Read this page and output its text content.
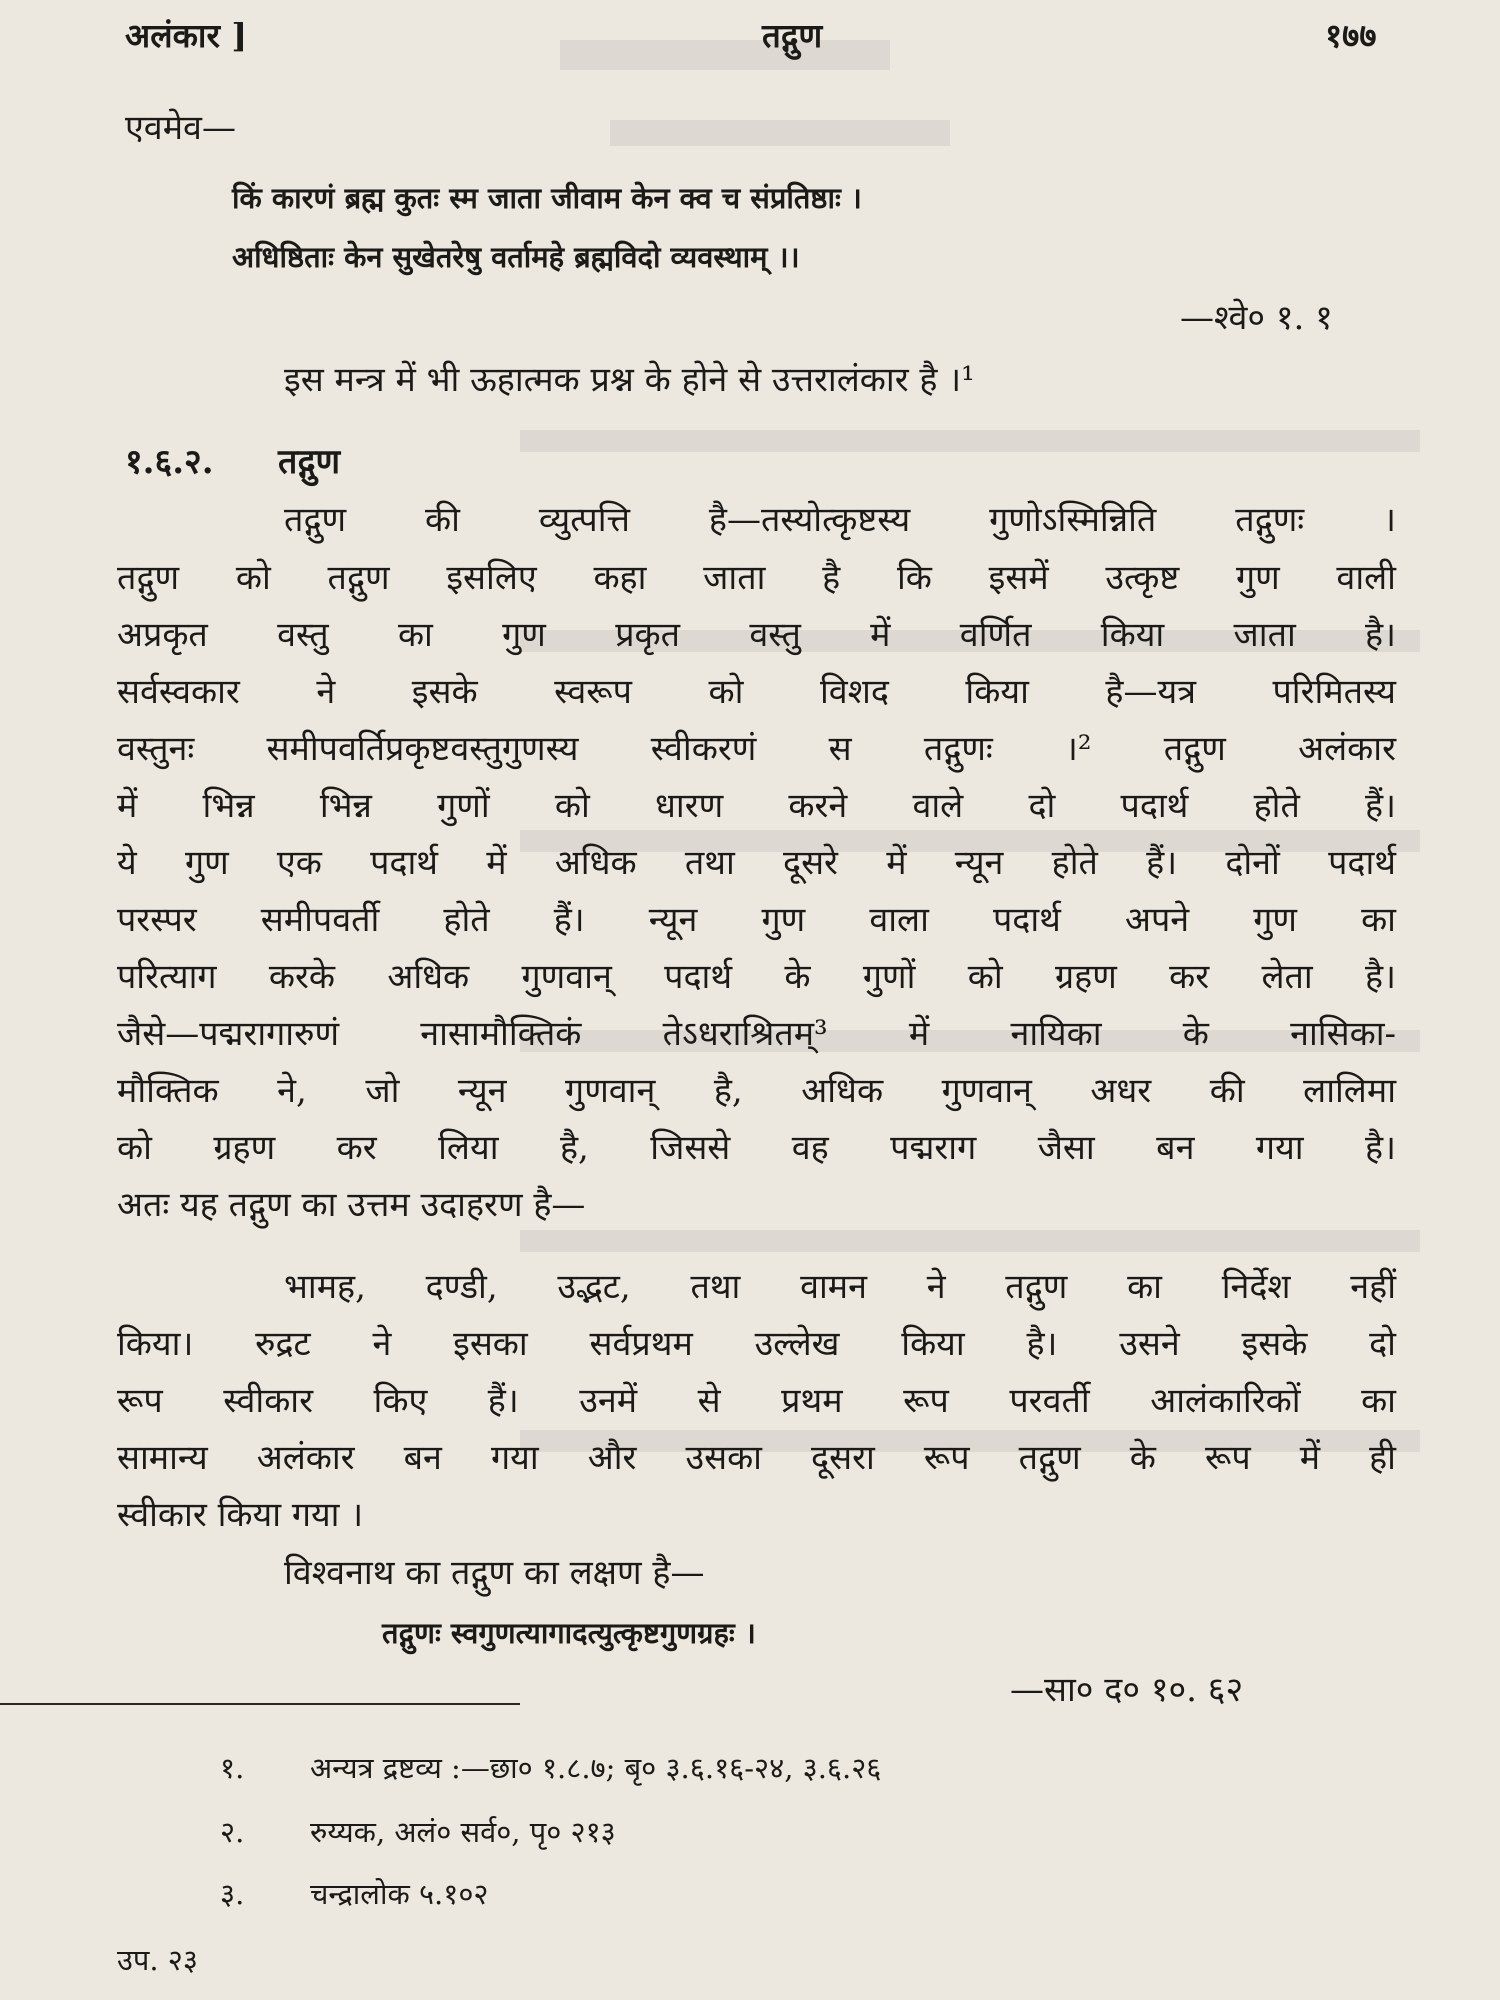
अलंकार ]	तद्गुण	१७७
एवमेव—
किं कारणं ब्रह्म कुतः स्म जाता जीवाम केन क्व च संप्रतिष्ठाः ।
अधिष्ठिताः केन सुखेतरेषु वर्तामहे ब्रह्मविदो व्यवस्थाम् ।।
—श्वे० १. १
इस मन्त्र में भी ऊहात्मक प्रश्न के होने से उत्तरालंकार है ।¹
१.६.२. तद्गुण
तद्गुण की व्युत्पत्ति है—तस्योत्कृष्टस्य गुणोऽस्मिन्निति तद्गुणः ।
तद्गुण को तद्गुण इसलिए कहा जाता है कि इसमें उत्कृष्ट गुण वाली
अप्रकृत वस्तु का गुण प्रकृत वस्तु में वर्णित किया जाता है।
सर्वस्वकार ने इसके स्वरूप को विशद किया है—यत्र परिमितस्य
वस्तुनः समीपवर्तिप्रकृष्टवस्तुगुणस्य स्वीकरणं स तद्गुणः ।² तद्गुण अलंकार
में भिन्न भिन्न गुणों को धारण करने वाले दो पदार्थ होते हैं।
ये गुण एक पदार्थ में अधिक तथा दूसरे में न्यून होते हैं। दोनों पदार्थ
परस्पर समीपवर्ती होते हैं। न्यून गुण वाला पदार्थ अपने गुण का
परित्याग करके अधिक गुणवान् पदार्थ के गुणों को ग्रहण कर लेता है।
जैसे—पद्मरागारुणं नासामौक्तिकं तेऽधराश्रितम्³ में नायिका के नासिका-
मौक्तिक ने, जो न्यून गुणवान् है, अधिक गुणवान् अधर की लालिमा
को ग्रहण कर लिया है, जिससे वह पद्मराग जैसा बन गया है।
अतः यह तद्गुण का उत्तम उदाहरण है—
भामह, दण्डी, उद्भट, तथा वामन ने तद्गुण का निर्देश नहीं
किया। रुद्रट ने इसका सर्वप्रथम उल्लेख किया है। उसने इसके दो
रूप स्वीकार किए हैं। उनमें से प्रथम रूप परवर्ती आलंकारिकों का
सामान्य अलंकार बन गया और उसका दूसरा रूप तद्गुण के रूप में ही
स्वीकार किया गया ।
विश्वनाथ का तद्गुण का लक्षण है—
तद्गुणः स्वगुणत्यागादत्युत्कृष्टगुणग्रहः ।
—सा० द० १०. ६२
१. अन्यत्र द्रष्टव्य :—छा० १.८.७; बृ० ३.६.१६-२४, ३.६.२६
२. रुय्यक, अलं० सर्व०, पृ० २१३
३. चन्द्रालोक ५.१०२
उप. २३
